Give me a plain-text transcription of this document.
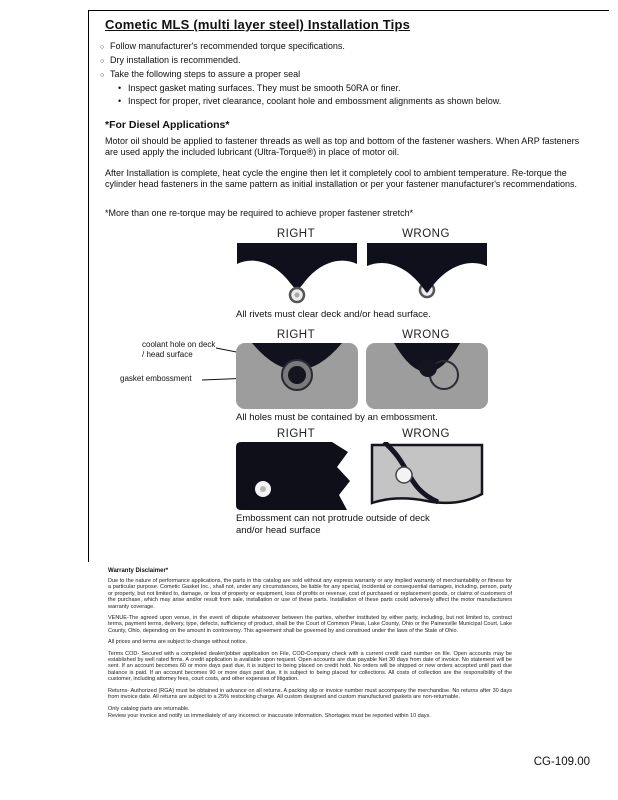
Cometic MLS (multi layer steel) Installation Tips
○ Follow manufacturer's recommended torque specifications.
○ Dry installation is recommended.
○ Take the following steps to assure a proper seal
• Inspect gasket mating surfaces. They must be smooth 50RA or finer.
• Inspect for proper, rivet clearance, coolant hole and embossment alignments as shown below.
*For Diesel Applications*
Motor oil should be applied to fastener threads as well as top and bottom of the fastener washers. When ARP fasteners are used apply the included lubricant (Ultra-Torque®) in place of motor oil.
After Installation is complete, heat cycle the engine then let it completely cool to ambient temperature. Re-torque the cylinder head fasteners in the same pattern as initial installation or per your fastener manufacturer's recommendations.
*More than one re-torque may be required to achieve proper fastener stretch*
RIGHT	WRONG
All rivets must clear deck and/or head surface.
RIGHT	WRONG
coolant hole on deck / head surface
gasket embossment
All holes must be contained by an embossment.
RIGHT	WRONG
Embossment can not protrude outside of deck
and/or head surface
Warranty Disclaimer*

Due to the nature of performance applications, the parts in this catalog are sold without any express warranty or any implied warranty of merchantability or fitness for a particular purpose. Cometic Gasket Inc., shall not, under any circumstances, be liable for any special, incidental or consequential damages, including, person, party or property, but not limited to, damage, or loss of property or equipment, loss of profits or revenue, cost of purchased or replacement goods, or claims of customers of the purchase, which may arise and/or result from sale, installation or use of these parts. Installation of these parts could adversely affect the motor manufacturers warranty coverage.

VENUE-The agreed upon venue, in the event of dispute whatsoever between the parties, whether instituted by either party, including, but not limited to, contract terms, payment terms, delivery, type, defects, sufficiency of product, shall be the Court of Common Pleas, Lake County, Ohio or the Painesville Municipal Court, Lake County, Ohio, depending on the amount in controversy. This agreement shall be governed by and construed under the laws of the State of Ohio.

All prices and terms are subject to change without notice.

Terms COD- Secured with a completed dealer/jobber application on File, COD-Company check with a current credit card number on file. Open accounts may be established by well rated firms. A credit application is available upon request. Open accounts are due payable Net 30 days from date of invoice. No statement will be sent. If an account becomes 60 or more days past due, it is subject to being placed on credit hold. No orders will be shipped or new orders accepted until past due balance is paid. If an account becomes 90 or more days past due, it is subject to being placed for collections. All costs of collection are the responsibility of the customer, including attorney fees, court costs, and other expenses of litigation.

Returns- Authorized (RGA) must be obtained in advance on all returns. A packing slip or invoice number must accompany the merchandise. No returns after 30 days from invoice date. All returns are subject to a 25% restocking charge. All custom designed and custom manufactured gaskets are non-returnable.

Only catalog parts are returnable.

Review your invoice and notify us immediately of any incorrect or inaccurate information. Shortages must be reported within 10 days.

CG-109.00
